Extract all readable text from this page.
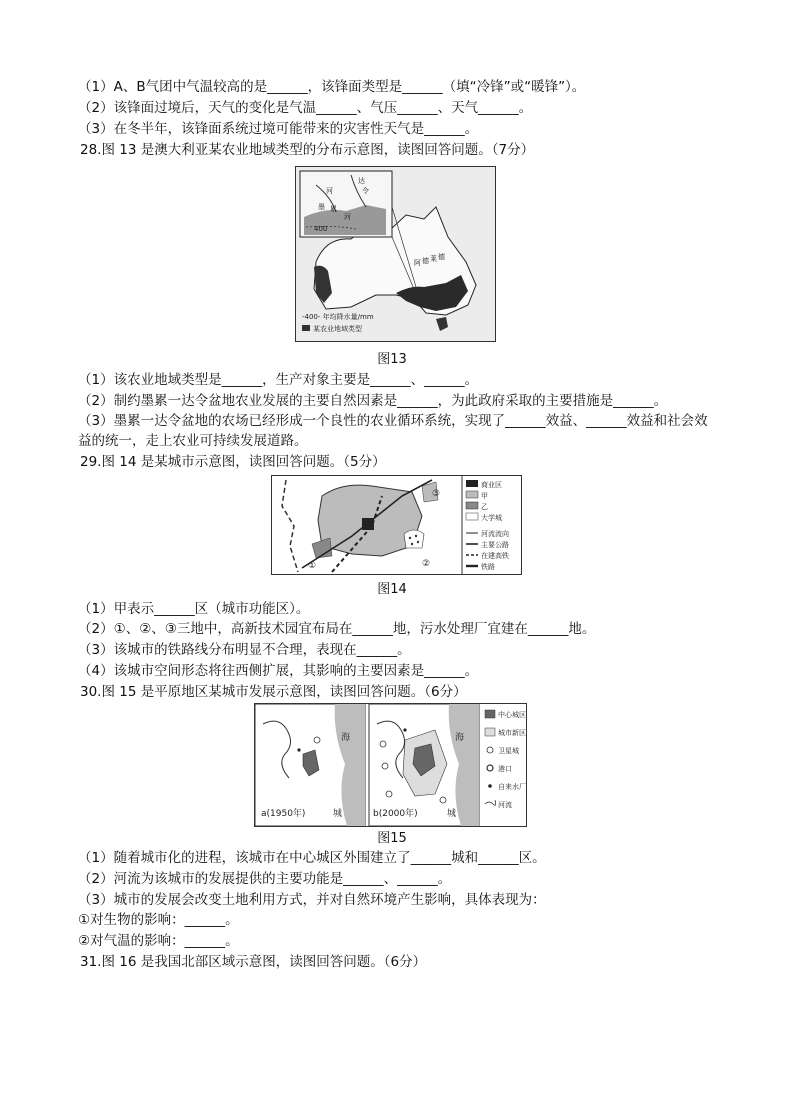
（1）A、B气团中气温较高的是______，该锋面类型是______（填“冷锋”或“暖锋”）。
（2）该锋面过境后，天气的变化是气温______、气压______、天气______。
（3）在冬半年，该锋面系统过境可能带来的灾害性天气是______。
28.图 13 是澳大利亚某农业地域类型的分布示意图，读图回答问题。（7分）
河
达
令
墨 累
河
400
阿 德 莱 德
-400- 年均降水量/mm
某农业地域类型
图13
（1）该农业地域类型是______，生产对象主要是______、______。
（2）制约墨累一达令盆地农业发展的主要自然因素是______，为此政府采取的主要措施是______。
（3）墨累一达令盆地的农场已经形成一个良性的农业循环系统，实现了______效益、______效益和社会效益的统一，走上农业可持续发展道路。
29.图 14 是某城市示意图，读图回答问题。（5分）
①	②
③
商业区
甲
乙
大学城
河流流向
主要公路
在建高铁
铁路
图14
（1）甲表示______区（城市功能区）。
（2）①、②、③三地中，高新技术园宜布局在______地，污水处理厂宜建在______地。
（3）该城市的铁路线分布明显不合理，表现在______。
（4）该城市空间形态将往西侧扩展，其影响的主要因素是______。
30.图 15 是平原地区某城市发展示意图，读图回答问题。（6分）
海
城
a(1950年)
海
城
b(2000年)
中心城区
城市新区
卫星城
港口
自来水厂
河流
图15
（1）随着城市化的进程，该城市在中心城区外围建立了______城和______区。
（2）河流为该城市的发展提供的主要功能是______、______。
（3）城市的发展会改变土地利用方式，并对自然环境产生影响，具体表现为：
①对生物的影响：______。
②对气温的影响：______。
31.图 16 是我国北部区域示意图，读图回答问题。（6分）
